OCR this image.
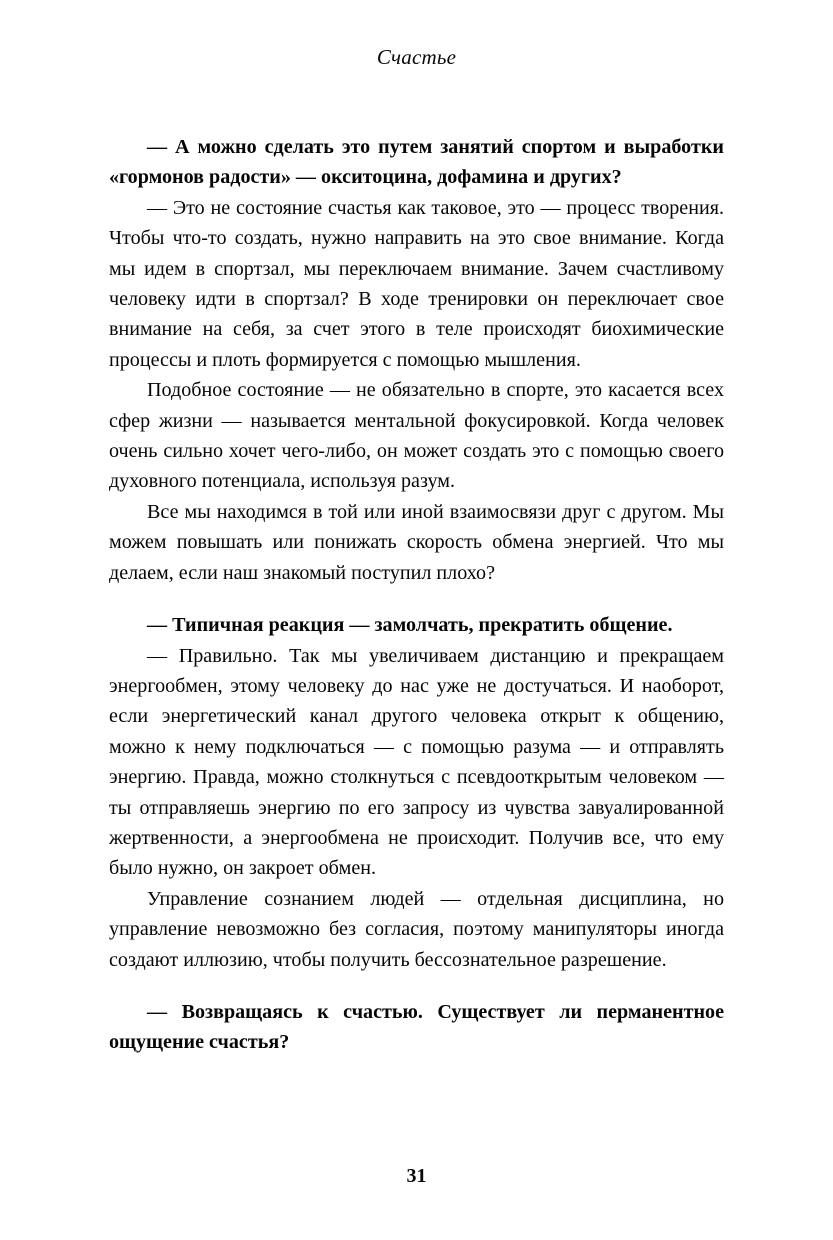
Счастье

— А можно сделать это путем занятий спортом и выработки «гормонов радости» — окситоцина, дофамина и других?

— Это не состояние счастья как таковое, это — процесс творения. Чтобы что-то создать, нужно направить на это свое внимание. Когда мы идем в спортзал, мы переключаем внимание. Зачем счастливому человеку идти в спортзал? В ходе тренировки он переключает свое внимание на себя, за счет этого в теле происходят биохимические процессы и плоть формируется с помощью мышления.

Подобное состояние — не обязательно в спорте, это касается всех сфер жизни — называется ментальной фокусировкой. Когда человек очень сильно хочет чего-либо, он может создать это с помощью своего духовного потенциала, используя разум.

Все мы находимся в той или иной взаимосвязи друг с другом. Мы можем повышать или понижать скорость обмена энергией. Что мы делаем, если наш знакомый поступил плохо?

— Типичная реакция — замолчать, прекратить общение.

— Правильно. Так мы увеличиваем дистанцию и прекращаем энергообмен, этому человеку до нас уже не достучаться. И наоборот, если энергетический канал другого человека открыт к общению, можно к нему подключаться — с помощью разума — и отправлять энергию. Правда, можно столкнуться с псевдооткрытым человеком — ты отправляешь энергию по его запросу из чувства завуалированной жертвенности, а энергообмена не происходит. Получив все, что ему было нужно, он закроет обмен.

Управление сознанием людей — отдельная дисциплина, но управление невозможно без согласия, поэтому манипуляторы иногда создают иллюзию, чтобы получить бессознательное разрешение.

— Возвращаясь к счастью. Существует ли перманентное ощущение счастья?

31
